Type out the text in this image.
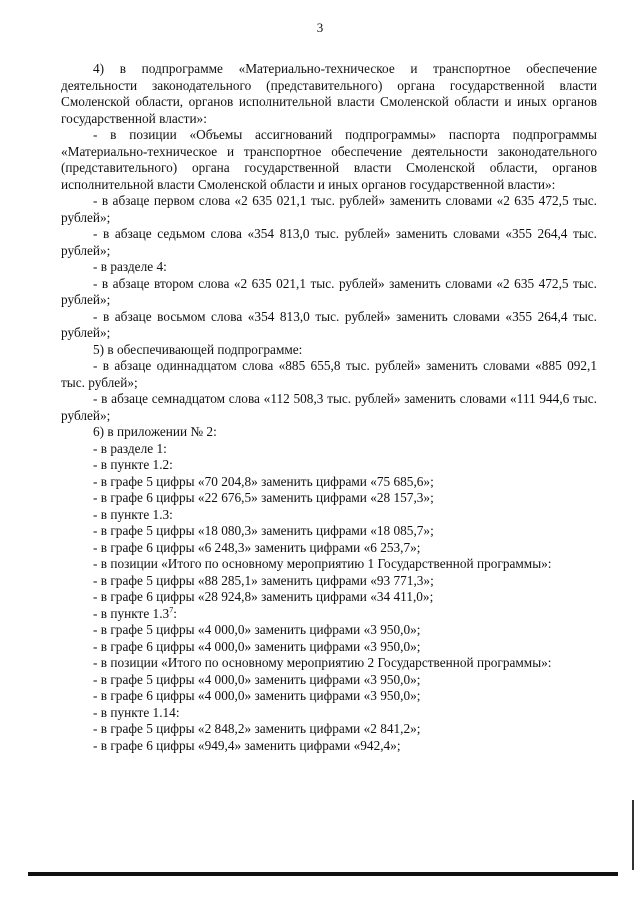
3

4) в подпрограмме «Материально-техническое и транспортное обеспечение деятельности законодательного (представительного) органа государственной власти Смоленской области, органов исполнительной власти Смоленской области и иных органов государственной власти»:

- в позиции «Объемы ассигнований подпрограммы» паспорта подпрограммы «Материально-техническое и транспортное обеспечение деятельности законодательного (представительного) органа государственной власти Смоленской области, органов исполнительной власти Смоленской области и иных органов государственной власти»:

- в абзаце первом слова «2 635 021,1 тыс. рублей» заменить словами «2 635 472,5 тыс. рублей»;

- в абзаце седьмом слова «354 813,0 тыс. рублей» заменить словами «355 264,4 тыс. рублей»;

- в разделе 4:

- в абзаце втором слова «2 635 021,1 тыс. рублей» заменить словами «2 635 472,5 тыс. рублей»;

- в абзаце восьмом слова «354 813,0 тыс. рублей» заменить словами «355 264,4 тыс. рублей»;

5) в обеспечивающей подпрограмме:

- в абзаце одиннадцатом слова «885 655,8 тыс. рублей» заменить словами «885 092,1 тыс. рублей»;

- в абзаце семнадцатом слова «112 508,3 тыс. рублей» заменить словами «111 944,6 тыс. рублей»;

6) в приложении № 2:

- в разделе 1:

- в пункте 1.2:

- в графе 5 цифры «70 204,8» заменить цифрами «75 685,6»;

- в графе 6 цифры «22 676,5» заменить цифрами «28 157,3»;

- в пункте 1.3:

- в графе 5 цифры «18 080,3» заменить цифрами «18 085,7»;

- в графе 6 цифры «6 248,3» заменить цифрами «6 253,7»;

- в позиции «Итого по основному мероприятию 1 Государственной программы»:

- в графе 5 цифры «88 285,1» заменить цифрами «93 771,3»;

- в графе 6 цифры «28 924,8» заменить цифрами «34 411,0»;

- в пункте $1.3^7$:

- в графе 5 цифры «4 000,0» заменить цифрами «3 950,0»;

- в графе 6 цифры «4 000,0» заменить цифрами «3 950,0»;

- в позиции «Итого по основному мероприятию 2 Государственной программы»:

- в графе 5 цифры «4 000,0» заменить цифрами «3 950,0»;

- в графе 6 цифры «4 000,0» заменить цифрами «3 950,0»;

- в пункте 1.14:

- в графе 5 цифры «2 848,2» заменить цифрами «2 841,2»;

- в графе 6 цифры «949,4» заменить цифрами «942,4»;
